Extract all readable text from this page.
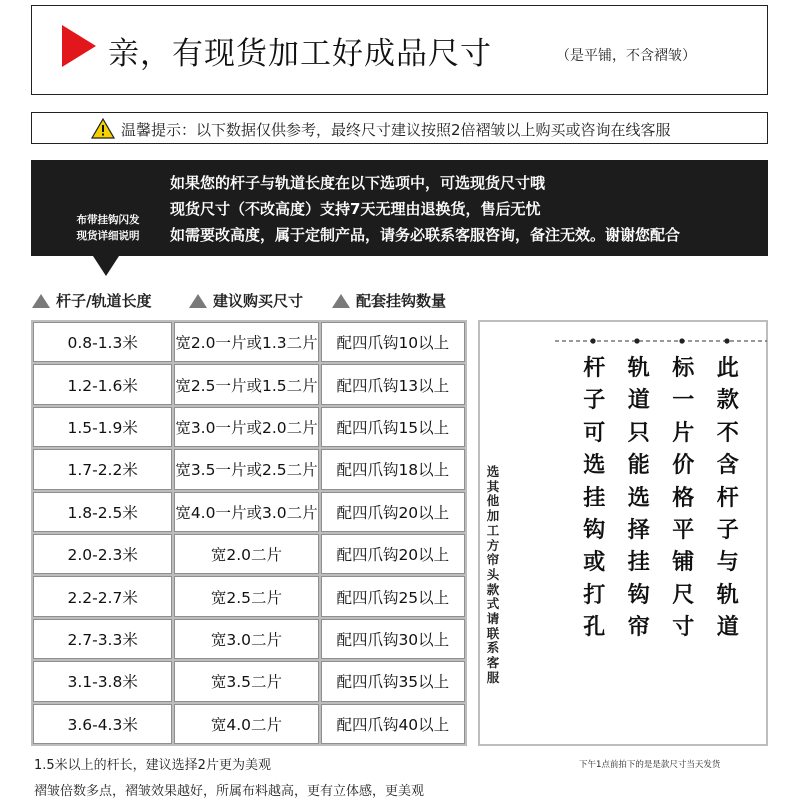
亲，有现货加工好成品尺寸	（是平铺，不含褶皱）
温馨提示：以下数据仅供参考，最终尺寸建议按照2倍褶皱以上购买或咨询在线客服
布带挂钩闪发
现货详细说明
如果您的杆子与轨道长度在以下选项中，可选现货尺寸哦
现货尺寸（不改高度）支持7天无理由退换货，售后无忧
如需要改高度，属于定制产品，请务必联系客服咨询，备注无效。谢谢您配合
杆子/轨道长度	建议购买尺寸	配套挂钩数量
0.8-1.3米	宽2.0一片或1.3二片	配四爪钩10以上
1.2-1.6米	宽2.5一片或1.5二片	配四爪钩13以上
1.5-1.9米	宽3.0一片或2.0二片	配四爪钩15以上
1.7-2.2米	宽3.5一片或2.5二片	配四爪钩18以上
1.8-2.5米	宽4.0一片或3.0二片	配四爪钩20以上
2.0-2.3米	宽2.0二片	配四爪钩20以上
2.2-2.7米	宽2.5二片	配四爪钩25以上
2.7-3.3米	宽3.0二片	配四爪钩30以上
3.1-3.8米	宽3.5二片	配四爪钩35以上
3.6-4.3米	宽4.0二片	配四爪钩40以上
选其他加工方帘头款式请联系客服
杆
子
可
选
挂
钩
或
打
孔
轨
道
只
能
选
择
挂
钩
帘
标
一
片
价
格
平
铺
尺
寸
此
款
不
含
杆
子
与
轨
道
1.5米以上的杆长，建议选择2片更为美观
褶皱倍数多点，褶皱效果越好，所属布料越高，更有立体感，更美观
下午1点前拍下的是是款尺寸当天发货
